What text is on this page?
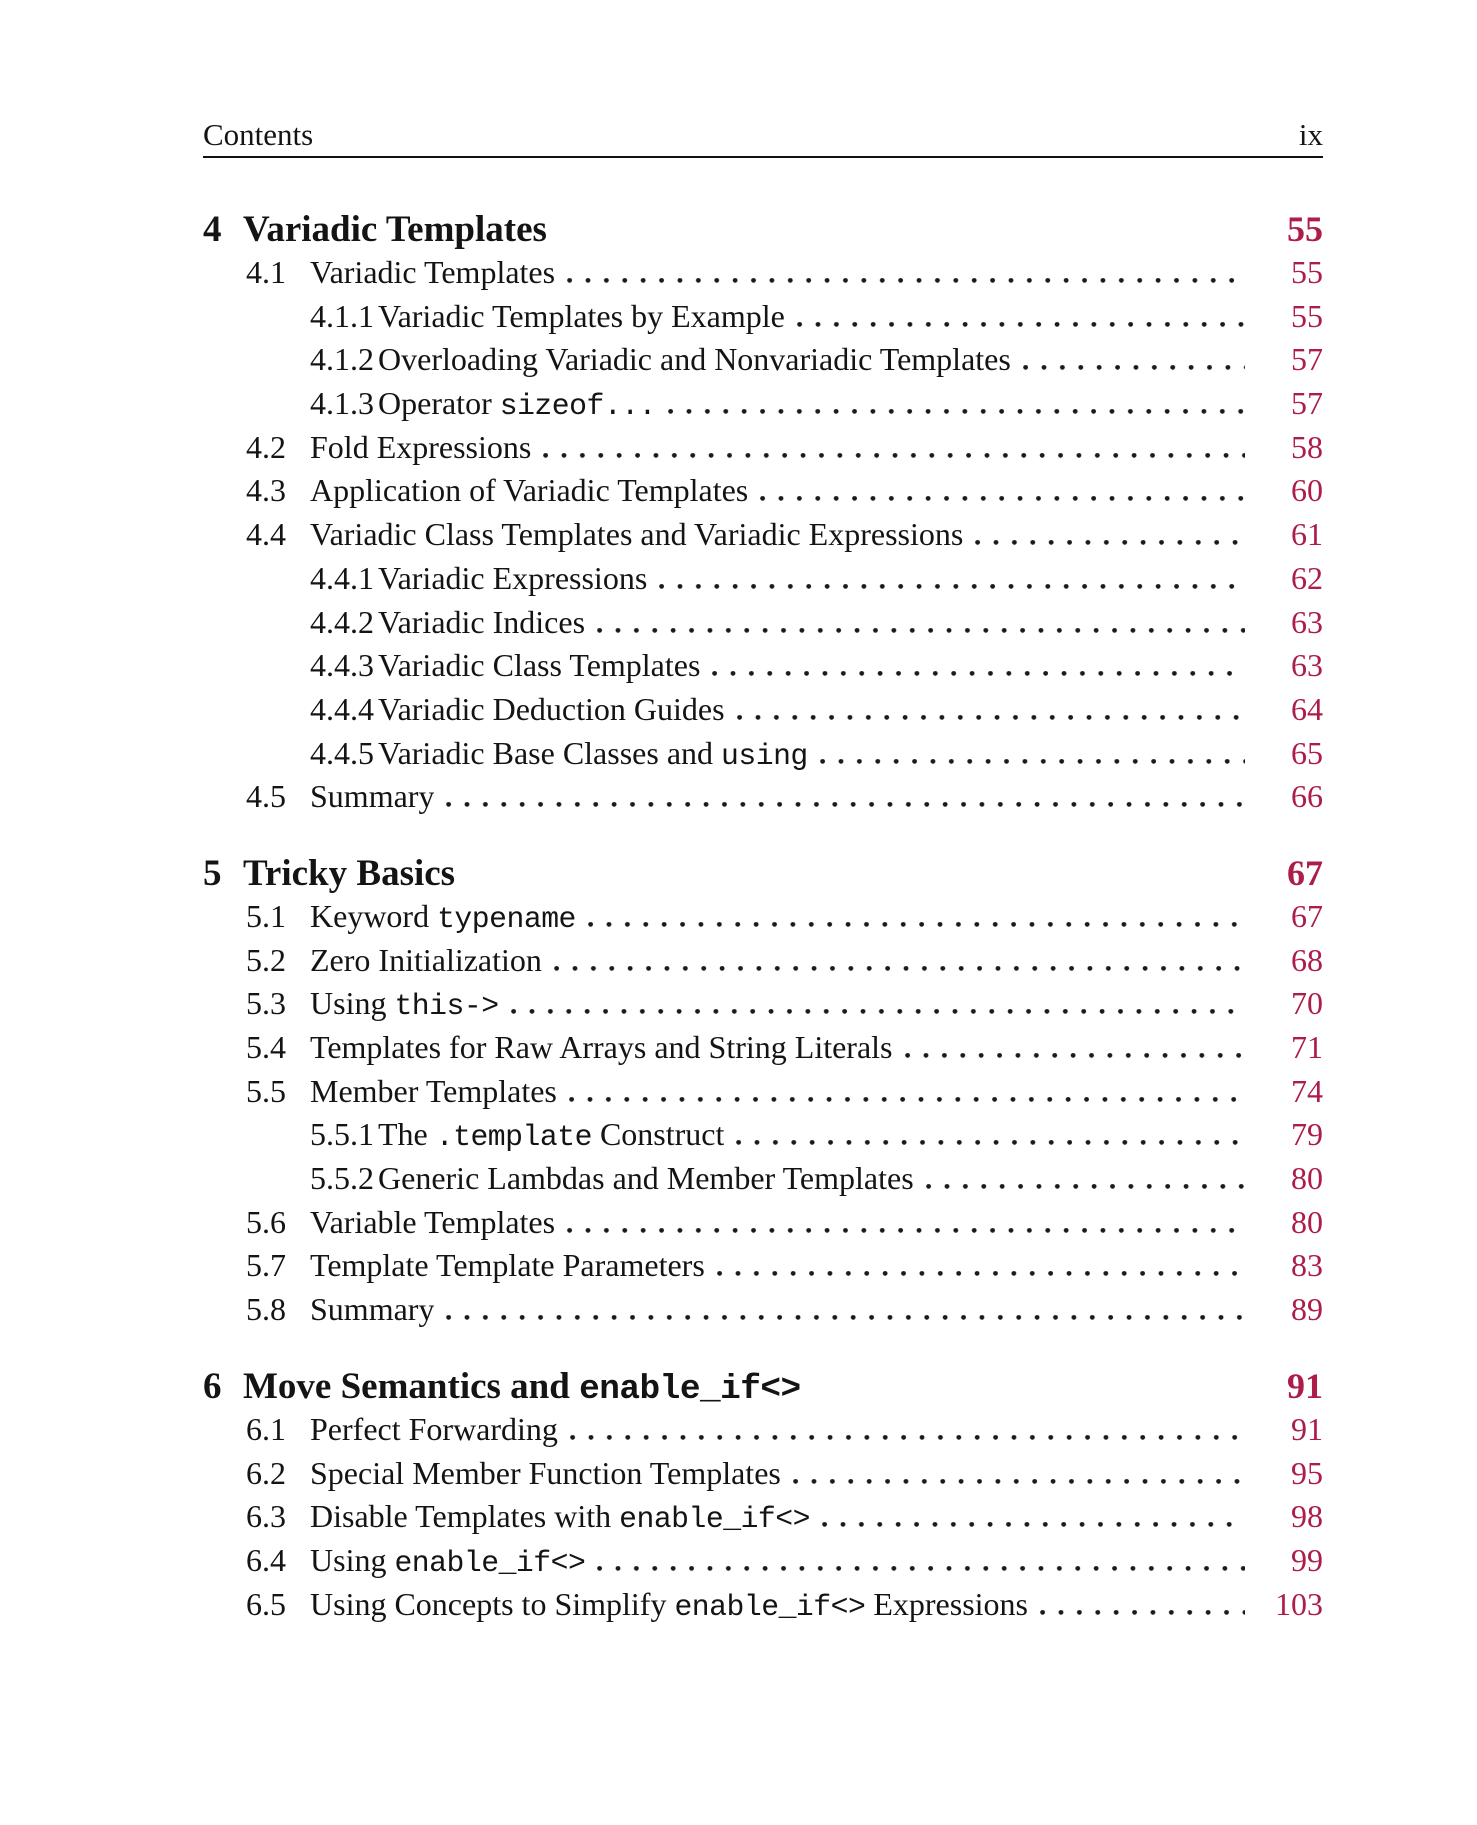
Contents	ix
4 Variadic Templates	55
4.1 Variadic Templates	55
4.1.1 Variadic Templates by Example	55
4.1.2 Overloading Variadic and Nonvariadic Templates	57
4.1.3 Operator sizeof...	57
4.2 Fold Expressions	58
4.3 Application of Variadic Templates	60
4.4 Variadic Class Templates and Variadic Expressions	61
4.4.1 Variadic Expressions	62
4.4.2 Variadic Indices	63
4.4.3 Variadic Class Templates	63
4.4.4 Variadic Deduction Guides	64
4.4.5 Variadic Base Classes and using	65
4.5 Summary	66
5 Tricky Basics	67
5.1 Keyword typename	67
5.2 Zero Initialization	68
5.3 Using this->	70
5.4 Templates for Raw Arrays and String Literals	71
5.5 Member Templates	74
5.5.1 The .template Construct	79
5.5.2 Generic Lambdas and Member Templates	80
5.6 Variable Templates	80
5.7 Template Template Parameters	83
5.8 Summary	89
6 Move Semantics and enable_if<>	91
6.1 Perfect Forwarding	91
6.2 Special Member Function Templates	95
6.3 Disable Templates with enable_if<>	98
6.4 Using enable_if<>	99
6.5 Using Concepts to Simplify enable_if<> Expressions	103
